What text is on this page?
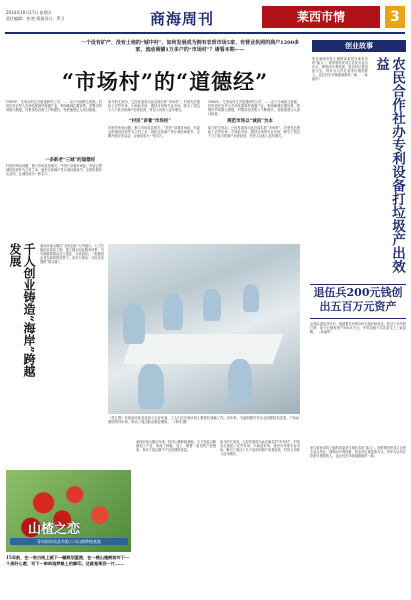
2014年10月17日 星期五
责任编辑：李 胜 版面设计：罗卫	商海周刊	莱西市情	3
一个设有矿产、没有土地的“城中村”，如何发展成为拥有农贸市场5家、有营业执照的商户1200多家，流动商铺1万多户的“市场村”？请看本期——
“市场村”的“道德经”
1985年，尤家沟村正式组建商贸公司，……由于当地缺乏资源，村民依托农贸大市场发展商贸流通产业，利用地理位置优势，把集市贸易做大做强。村集体经济收入不断增长，发展速度让人刮目相看。
一条新老“三城”的道德经
村里的所有问题，都与市场息息相关。“村民”讲着市场经，村委会把诚信经营作为立村之本，组织全体商户签订诚信承诺书，定期开展评比活动，让诚信成为一张名片。
如今的尤家沟，已经发展成为远近闻名的“市场村”。村里先后建起了农贸市场、小商品市场、建材市场等专业市场，吸引了周边十几个县市的商户前来经营，村民人均收入连年增长。
“村民”讲着“市场经”
村里的所有问题，都与市场息息相关。“村民”讲着市场经，村委会把诚信经营作为立村之本，组织全体商户签订诚信承诺书，定期开展评比活动，让诚信成为一张名片。
1985年，尤家沟村正式组建商贸公司，……由于当地缺乏资源，村民依托农贸大市场发展商贸流通产业，利用地理位置优势，把集市贸易做大做强。村集体经济收入不断增长，发展速度让人刮目相看。
规范市场以“诚信”为本
如今的尤家沟，已经发展成为远近闻名的“市场村”。村里先后建起了农贸市场、小商品市场、建材市场等专业市场，吸引了周边十几个县市的商户前来经营，村民人均收入连年增长。
千人创业铸造“海岸”跨越发展	莱西市姜山镇以“全民创业”为突破口，大力实施创业富民工程，建立健全创业服务体系，引导和鼓励群众自主创业、合伙创业。一批批创业者在政府的扶持下，成长为带动一方经济发展的“领头雁”。
（见左图）在莱西市某食品加工企业车间，工人们正在流水线上紧张忙碌地工作。近年来，当地积极引导企业加强技术改造，产品远销国内外市场，带动了周边群众就业增收。 （李伟 摄）
莱西市姜山镇近年来，依托山楂种植基地，大力发展山楂深加工产业，形成了种植、加工、销售一条龙的产业链条，带动了周边数千户农民增收致富。
如今的尤家沟，已经发展成为远近闻名的“市场村”。村里先后建起了农贸市场、小商品市场、建材市场等专业市场，吸引了周边十几个县市的商户前来经营，村民人均收入连年增长。
山楂之恋
青岛盼盼饮品有限公司山楂种植基地
15年前，在一张白纸上画下一幅规划蓝图，在一棵山楂树前许下一个美好心愿，写下一串串追梦路上的脚印。这就是莱西一片……
创业故事
家住莱西市院上镇的刘某是当地有名的“能人”。他带领村民成立农民专业合作社，研制出专利设备，将农村垃圾变废为宝，每年为合作社带来可观的收入，也让村庄环境面貌焕然一新。 （孙丽华）	农民合作社办专利设备打垃圾产出效益
退伍兵200元钱创出五百万元资产
从部队退伍回乡后，他揣着仅有的200元钱开始创业。经过十多年的打拼，如今已拥有资产500多万元，并带动数十名乡亲走上了致富路。 （孙丽华）
家住莱西市院上镇的刘某是当地有名的“能人”。他带领村民成立农民专业合作社，研制出专利设备，将农村垃圾变废为宝，每年为合作社带来可观的收入，也让村庄环境面貌焕然一新。
